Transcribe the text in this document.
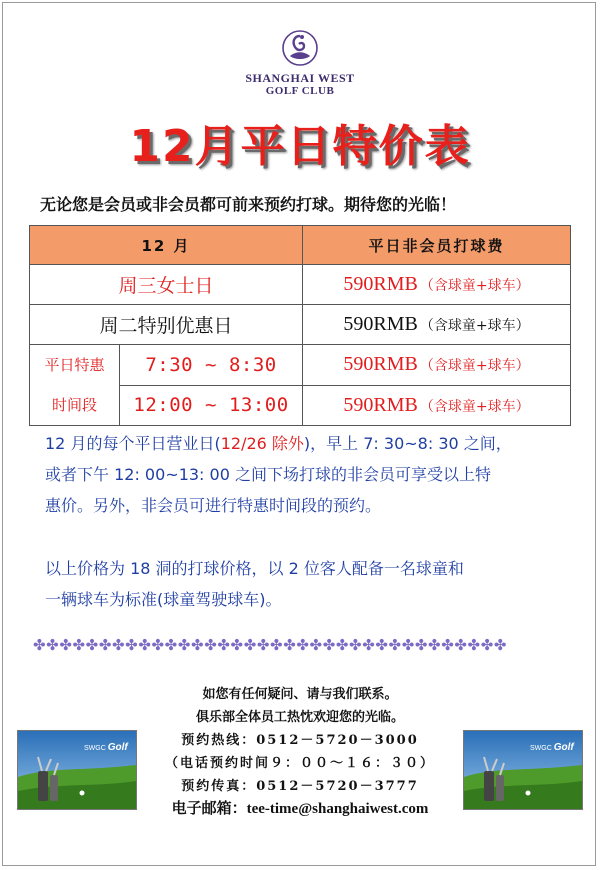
SHANGHAI WEST
GOLF CLUB
12月平日特价表
无论您是会员或非会员都可前来预约打球。期待您的光临！
12 月		平日非会员打球费
周三女士日		590RMB （含球童+球车）
周二特别优惠日		590RMB （含球童+球车）

平日特惠
时间段	7:30 ~ 8:30	590RMB （含球童+球车）
	12:00 ~ 13:00	590RMB （含球童+球车）
12 月的每个平日营业日(12/26 除外)，早上 7: 30~8: 30 之间，
或者下午 12: 00~13: 00 之间下场打球的非会员可享受以上特
惠价。另外，非会员可进行特惠时间段的预约。
以上价格为 18 洞的打球价格，以 2 位客人配备一名球童和
一辆球车为标准(球童驾驶球车)。
✤✤✤✤✤✤✤✤✤✤✤✤✤✤✤✤✤✤✤✤✤✤✤✤✤✤✤✤✤✤✤✤✤✤✤✤
SWGC Golf	SWGC Golf
如您有任何疑问、请与我们联系。
俱乐部全体员工热忱欢迎您的光临。
预约热线：0512－5720－3000
（电话预约时间９：００～１６：３０）
预约传真：0512－5720－3777
电子邮箱：tee-time@shanghaiwest.com
